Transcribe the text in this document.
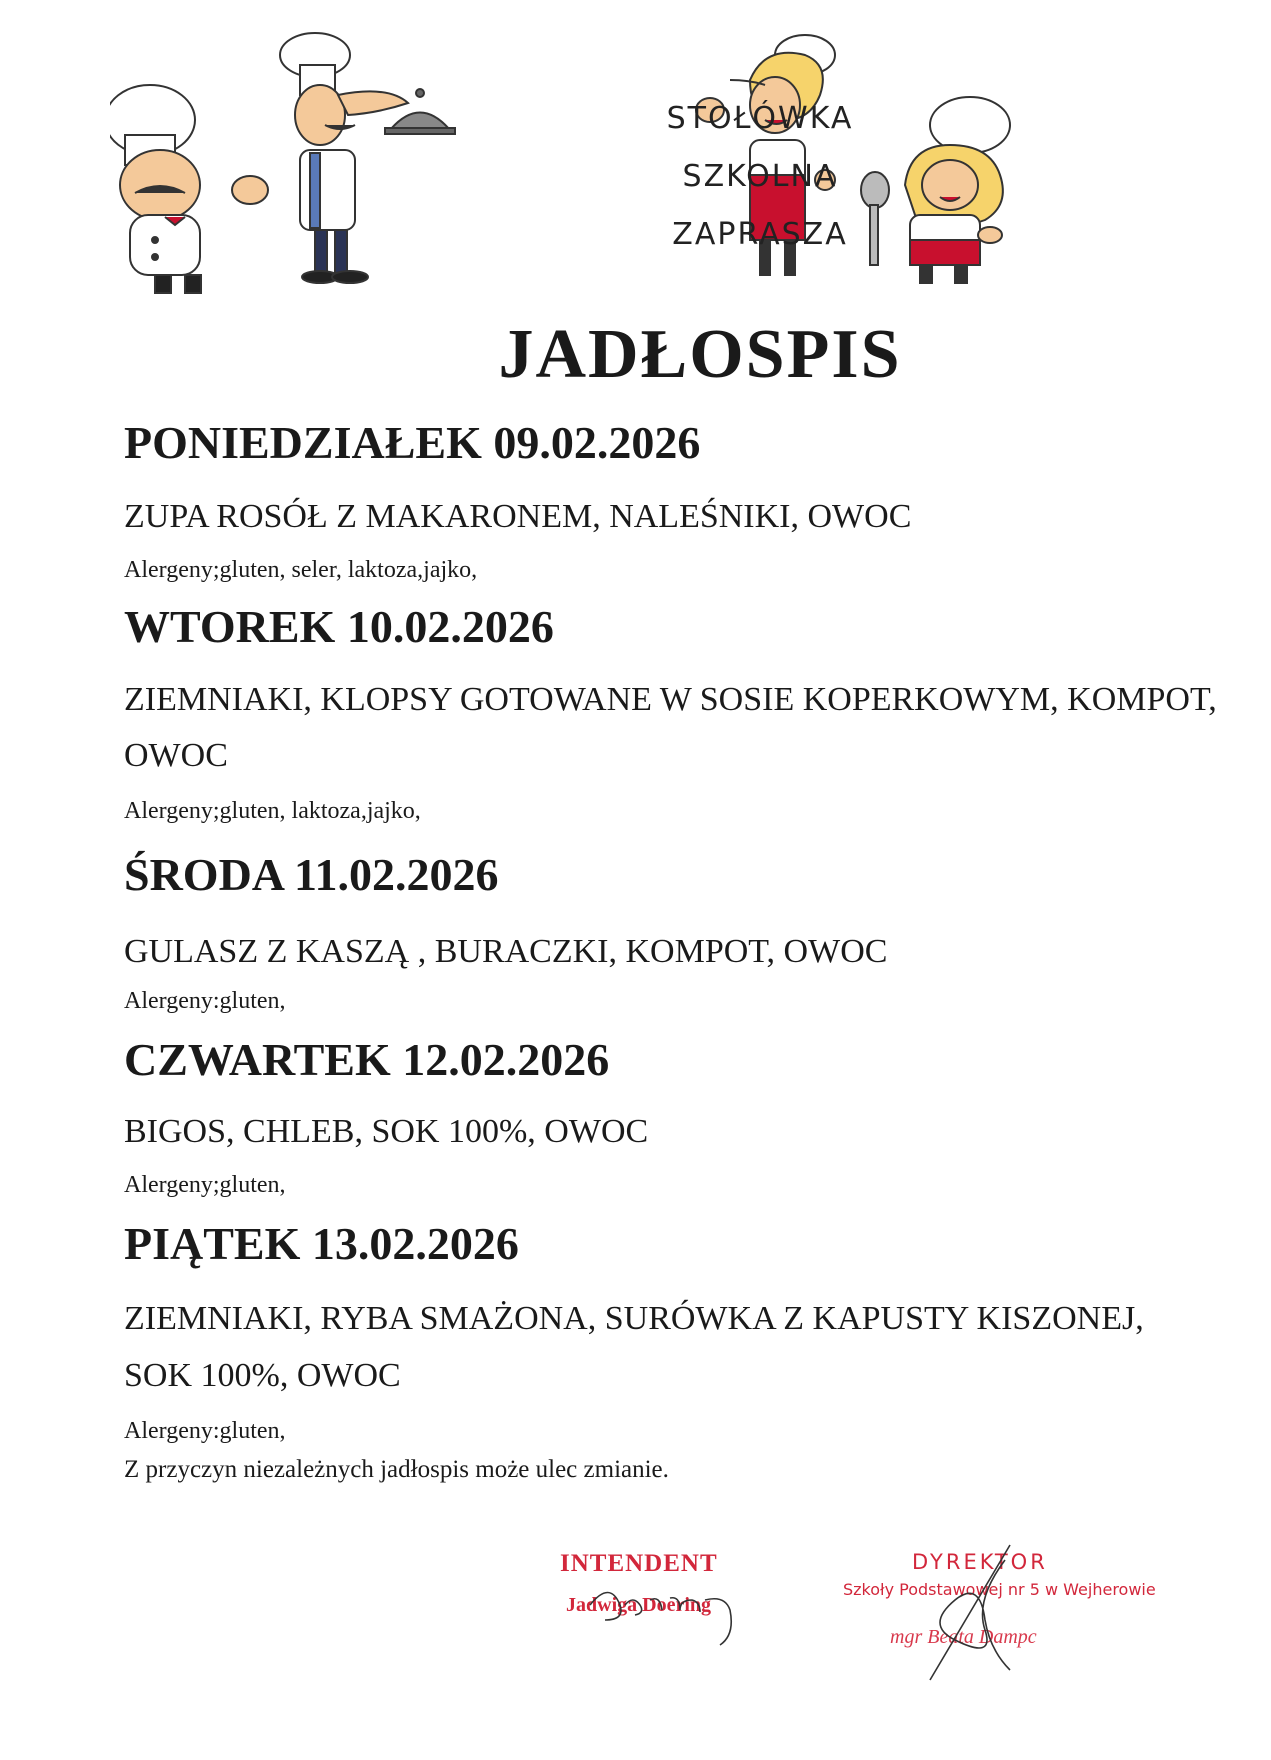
STOŁÓWKA
SZKOLNA
ZAPRASZA
JADŁOSPIS
PONIEDZIAŁEK 09.02.2026
ZUPA ROSÓŁ Z MAKARONEM, NALEŚNIKI, OWOC
Alergeny;gluten, seler, laktoza,jajko,
WTOREK 10.02.2026
ZIEMNIAKI, KLOPSY GOTOWANE W SOSIE KOPERKOWYM, KOMPOT,
OWOC
Alergeny;gluten, laktoza,jajko,
ŚRODA 11.02.2026
GULASZ Z KASZĄ , BURACZKI, KOMPOT, OWOC
Alergeny:gluten,
CZWARTEK 12.02.2026
BIGOS, CHLEB, SOK 100%, OWOC
Alergeny;gluten,
PIĄTEK 13.02.2026
ZIEMNIAKI, RYBA SMAŻONA, SURÓWKA Z KAPUSTY KISZONEJ,
SOK 100%, OWOC
Alergeny:gluten,
Z przyczyn niezależnych jadłospis może ulec zmianie.
INTENDENT
Jadwiga Doering
DYREKTOR
Szkoły Podstawowej nr 5 w Wejherowie
mgr Beata Dampc
